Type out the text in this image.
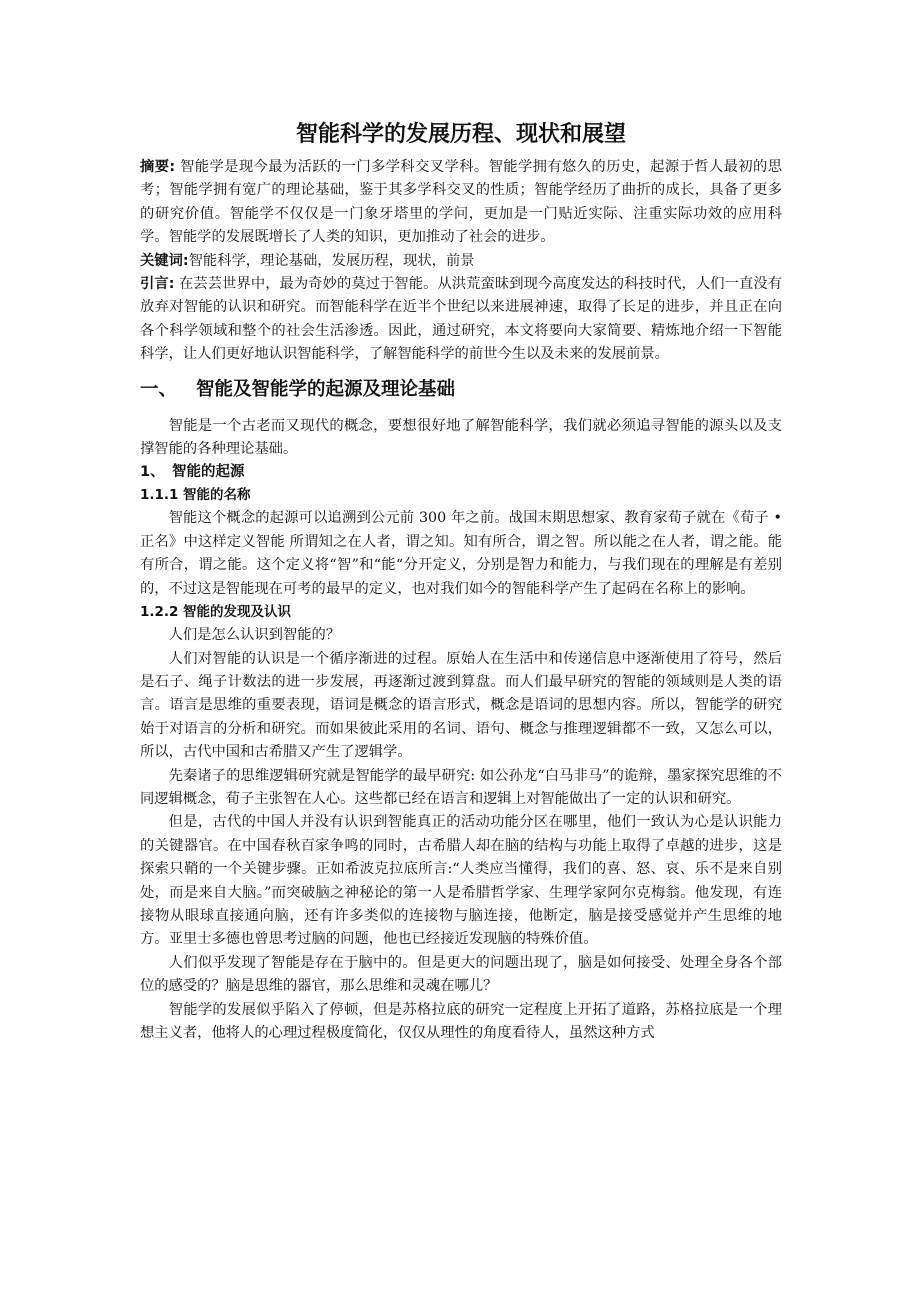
智能科学的发展历程、现状和展望

摘要: 智能学是现今最为活跃的一门多学科交叉学科。智能学拥有悠久的历史，起源于哲人最初的思考；智能学拥有宽广的理论基础，鉴于其多学科交叉的性质；智能学经历了曲折的成长，具备了更多的研究价值。智能学不仅仅是一门象牙塔里的学问，更加是一门贴近实际、注重实际功效的应用科学。智能学的发展既增长了人类的知识，更加推动了社会的进步。

关键词:智能科学，理论基础，发展历程，现状，前景

引言: 在芸芸世界中，最为奇妙的莫过于智能。从洪荒蛮昧到现今高度发达的科技时代，人们一直没有放弃对智能的认识和研究。而智能科学在近半个世纪以来进展神速，取得了长足的进步，并且正在向各个科学领域和整个的社会生活渗透。因此，通过研究，本文将要向大家简要、精炼地介绍一下智能科学，让人们更好地认识智能科学，了解智能科学的前世今生以及未来的发展前景。

一、 智能及智能学的起源及理论基础

智能是一个古老而又现代的概念，要想很好地了解智能科学，我们就必须追寻智能的源头以及支撑智能的各种理论基础。

1、 智能的起源
1.1.1 智能的名称

智能这个概念的起源可以追溯到公元前 300 年之前。战国末期思想家、教育家荀子就在《荀子 • 正名》中这样定义智能 所谓知之在人者，谓之知。知有所合，谓之智。所以能之在人者，谓之能。能有所合，谓之能。这个定义将“智”和“能“分开定义，分别是智力和能力，与我们现在的理解是有差别的，不过这是智能现在可考的最早的定义，也对我们如今的智能科学产生了起码在名称上的影响。

1.2.2 智能的发现及认识

人们是怎么认识到智能的？

人们对智能的认识是一个循序渐进的过程。原始人在生活中和传递信息中逐渐使用了符号，然后是石子、绳子计数法的进一步发展，再逐渐过渡到算盘。而人们最早研究的智能的领域则是人类的语言。语言是思维的重要表现，语词是概念的语言形式，概念是语词的思想内容。所以，智能学的研究始于对语言的分析和研究。而如果彼此采用的名词、语句、概念与推理逻辑都不一致，又怎么可以，所以，古代中国和古希腊又产生了逻辑学。

先秦诸子的思维逻辑研究就是智能学的最早研究: 如公孙龙“白马非马”的诡辩，墨家探究思维的不同逻辑概念，荀子主张智在人心。这些都已经在语言和逻辑上对智能做出了一定的认识和研究。

但是，古代的中国人并没有认识到智能真正的活动功能分区在哪里，他们一致认为心是认识能力的关键器官。在中国春秋百家争鸣的同时，古希腊人却在脑的结构与功能上取得了卓越的进步，这是探索只鞘的一个关键步骤。正如希波克拉底所言:“人类应当懂得，我们的喜、怒、哀、乐不是来自别处，而是来自大脑。”而突破脑之神秘论的第一人是希腊哲学家、生理学家阿尔克梅翁。他发现，有连接物从眼球直接通向脑，还有许多类似的连接物与脑连接，他断定，脑是接受感觉并产生思维的地方。亚里士多德也曾思考过脑的问题，他也已经接近发现脑的特殊价值。

人们似乎发现了智能是存在于脑中的。但是更大的问题出现了，脑是如何接受、处理全身各个部位的感受的？脑是思维的器官，那么思维和灵魂在哪儿？

智能学的发展似乎陷入了停顿，但是苏格拉底的研究一定程度上开拓了道路，苏格拉底是一个理想主义者，他将人的心理过程极度简化，仅仅从理性的角度看待人，虽然这种方式
